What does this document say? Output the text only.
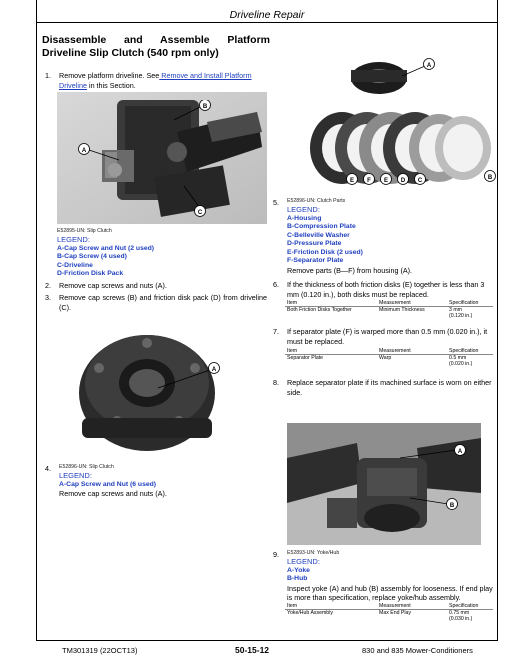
Driveline Repair
Disassemble and Assemble Platform
Driveline Slip Clutch (540 rpm only)
1. Remove platform driveline. See Remove and Install Platform Driveline in this Section.
A
B
C
E52895-UN: Slip Clutch
LEGEND:
A-Cap Screw and Nut (2 used)
B-Cap Screw (4 used)
C-Driveline
D-Friction Disk Pack
2. Remove cap screws and nuts (A).
3. Remove cap screws (B) and friction disk pack (D) from driveline (C).
A
4. E52896-UN: Slip Clutch
LEGEND:
A-Cap Screw and Nut (6 used)
Remove cap screws and nuts (A).
A
E F E D C	B
5. E52896-UN: Clutch Parts
LEGEND:
A-Housing
B-Compression Plate
C-Belleville Washer
D-Pressure Plate
E-Friction Disk (2 used)
F-Separator Plate
Remove parts (B—F) from housing (A).
6. If the thickness of both friction disks (E) together is less than 3 mm (0.120 in.), both disks must be replaced.
Item	Measurement	Specification
Both Friction Disks Together	Minimum Thickness	3 mm
(0.120 in.)
7. If separator plate (F) is warped more than 0.5 mm (0.020 in.), it must be replaced.
Item	Measurement	Specification
Separator Plate	Warp	0.5 mm
(0.020 in.)
8. Replace separator plate if its machined surface is worn on either side.
A
B
9. E52893-UN: Yoke/Hub
LEGEND:
A-Yoke
B-Hub
Inspect yoke (A) and hub (B) assembly for looseness. If end play is more than specification, replace yoke/hub assembly.
Item	Measurement	Specification
Yoke/Hub Assembly	Max End Play	0.75 mm
(0.030 in.)
TM301319 (22OCT13)	50-15-12	830 and 835 Mower-Conditioners
